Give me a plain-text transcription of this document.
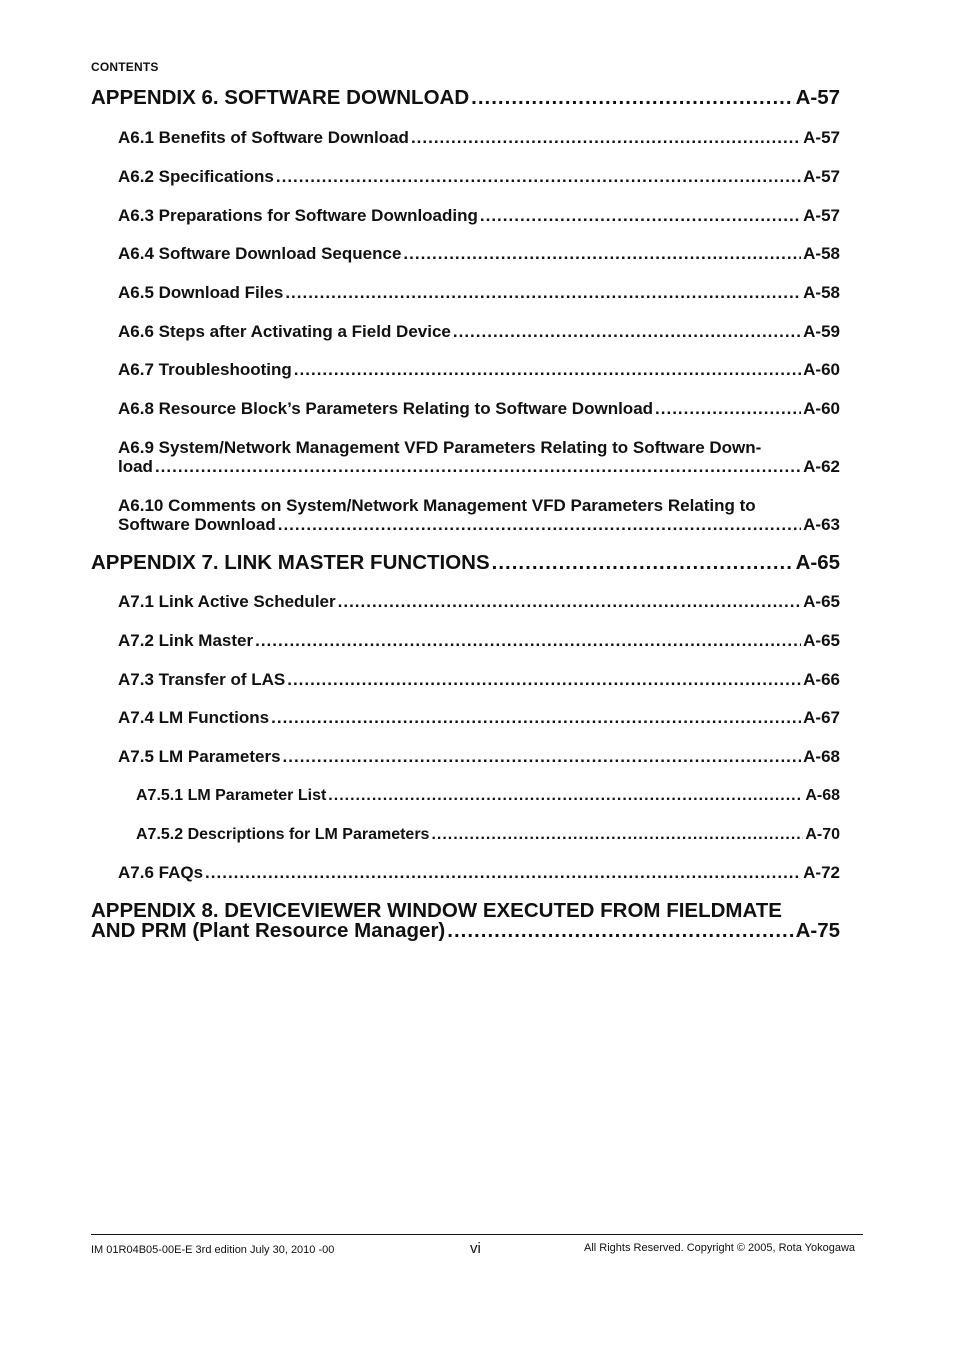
CONTENTS
APPENDIX 6. SOFTWARE DOWNLOAD .....	A-57
A6.1 Benefits of Software Download .....	A-57
A6.2 Specifications .....	A-57
A6.3 Preparations for Software Downloading .....	A-57
A6.4 Software Download Sequence .....	A-58
A6.5 Download Files .....	A-58
A6.6 Steps after Activating a Field Device .....	A-59
A6.7 Troubleshooting .....	A-60
A6.8 Resource Block’s Parameters Relating to Software Download .....	A-60
A6.9 System/Network Management VFD Parameters Relating to Software Down-
load .....	A-62
A6.10 Comments on System/Network Management VFD Parameters Relating to
Software Download .....	A-63
APPENDIX 7. LINK MASTER FUNCTIONS .....	A-65
A7.1 Link Active Scheduler .....	A-65
A7.2 Link Master .....	A-65
A7.3 Transfer of LAS .....	A-66
A7.4 LM Functions .....	A-67
A7.5 LM Parameters .....	A-68
A7.5.1 LM Parameter List .....	A-68
A7.5.2 Descriptions for LM Parameters .....	A-70
A7.6 FAQs .....	A-72
APPENDIX 8. DEVICEVIEWER WINDOW EXECUTED FROM FIELDMATE
AND PRM (Plant Resource Manager) .....	A-75
IM 01R04B05-00E-E 3rd edition July 30, 2010 -00	vi	All Rights Reserved. Copyright © 2005, Rota Yokogawa
